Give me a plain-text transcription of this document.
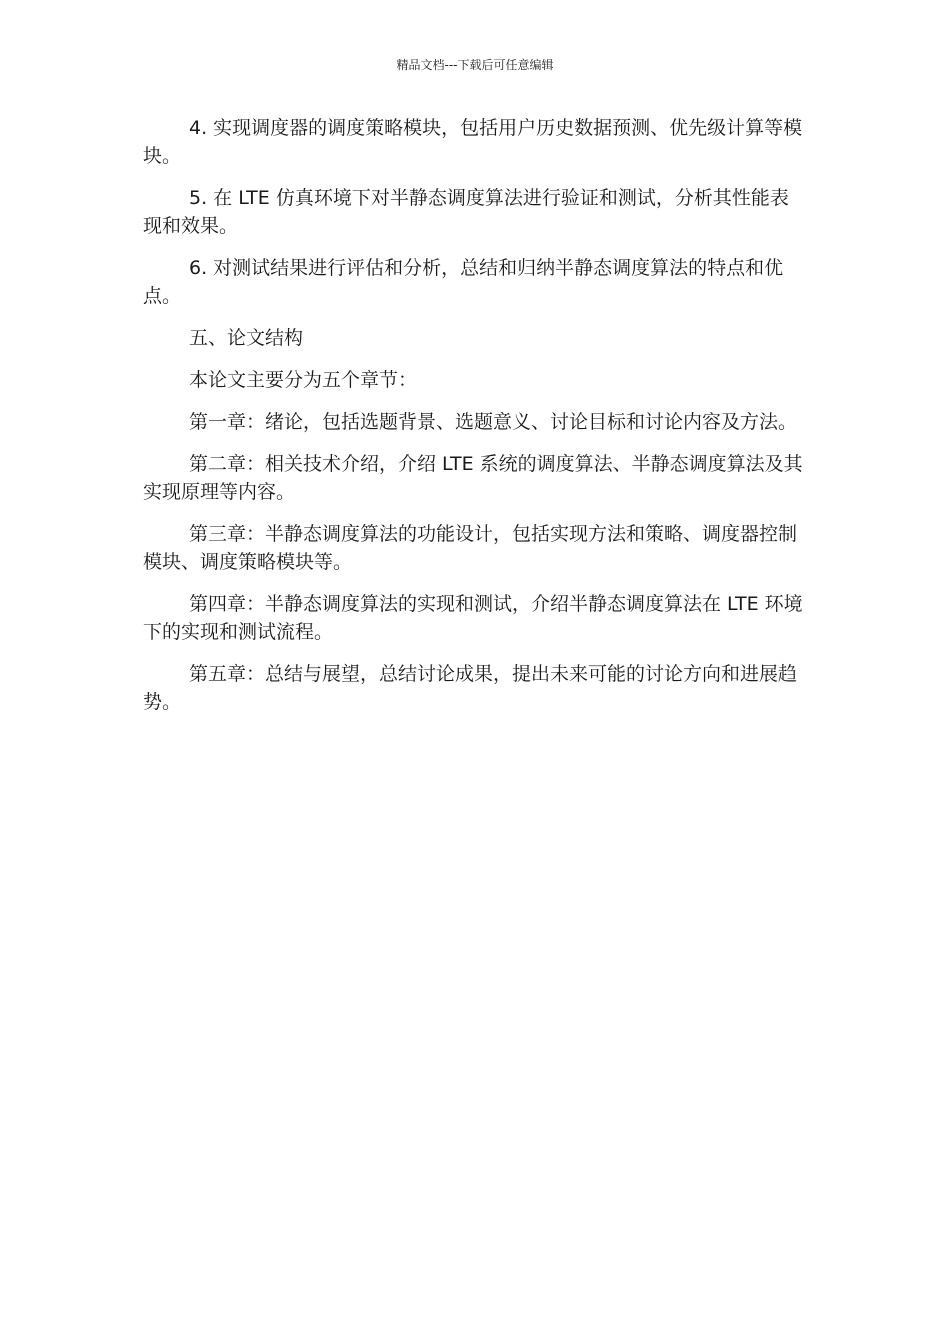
精品文档---下载后可任意编辑

4. 实现调度器的调度策略模块，包括用户历史数据预测、优先级计算等模块。

5. 在 LTE 仿真环境下对半静态调度算法进行验证和测试，分析其性能表现和效果。

6. 对测试结果进行评估和分析，总结和归纳半静态调度算法的特点和优点。

五、论文结构

本论文主要分为五个章节：

第一章：绪论，包括选题背景、选题意义、讨论目标和讨论内容及方法。

第二章：相关技术介绍，介绍 LTE 系统的调度算法、半静态调度算法及其实现原理等内容。

第三章：半静态调度算法的功能设计，包括实现方法和策略、调度器控制模块、调度策略模块等。

第四章：半静态调度算法的实现和测试，介绍半静态调度算法在 LTE 环境下的实现和测试流程。

第五章：总结与展望，总结讨论成果，提出未来可能的讨论方向和进展趋势。
